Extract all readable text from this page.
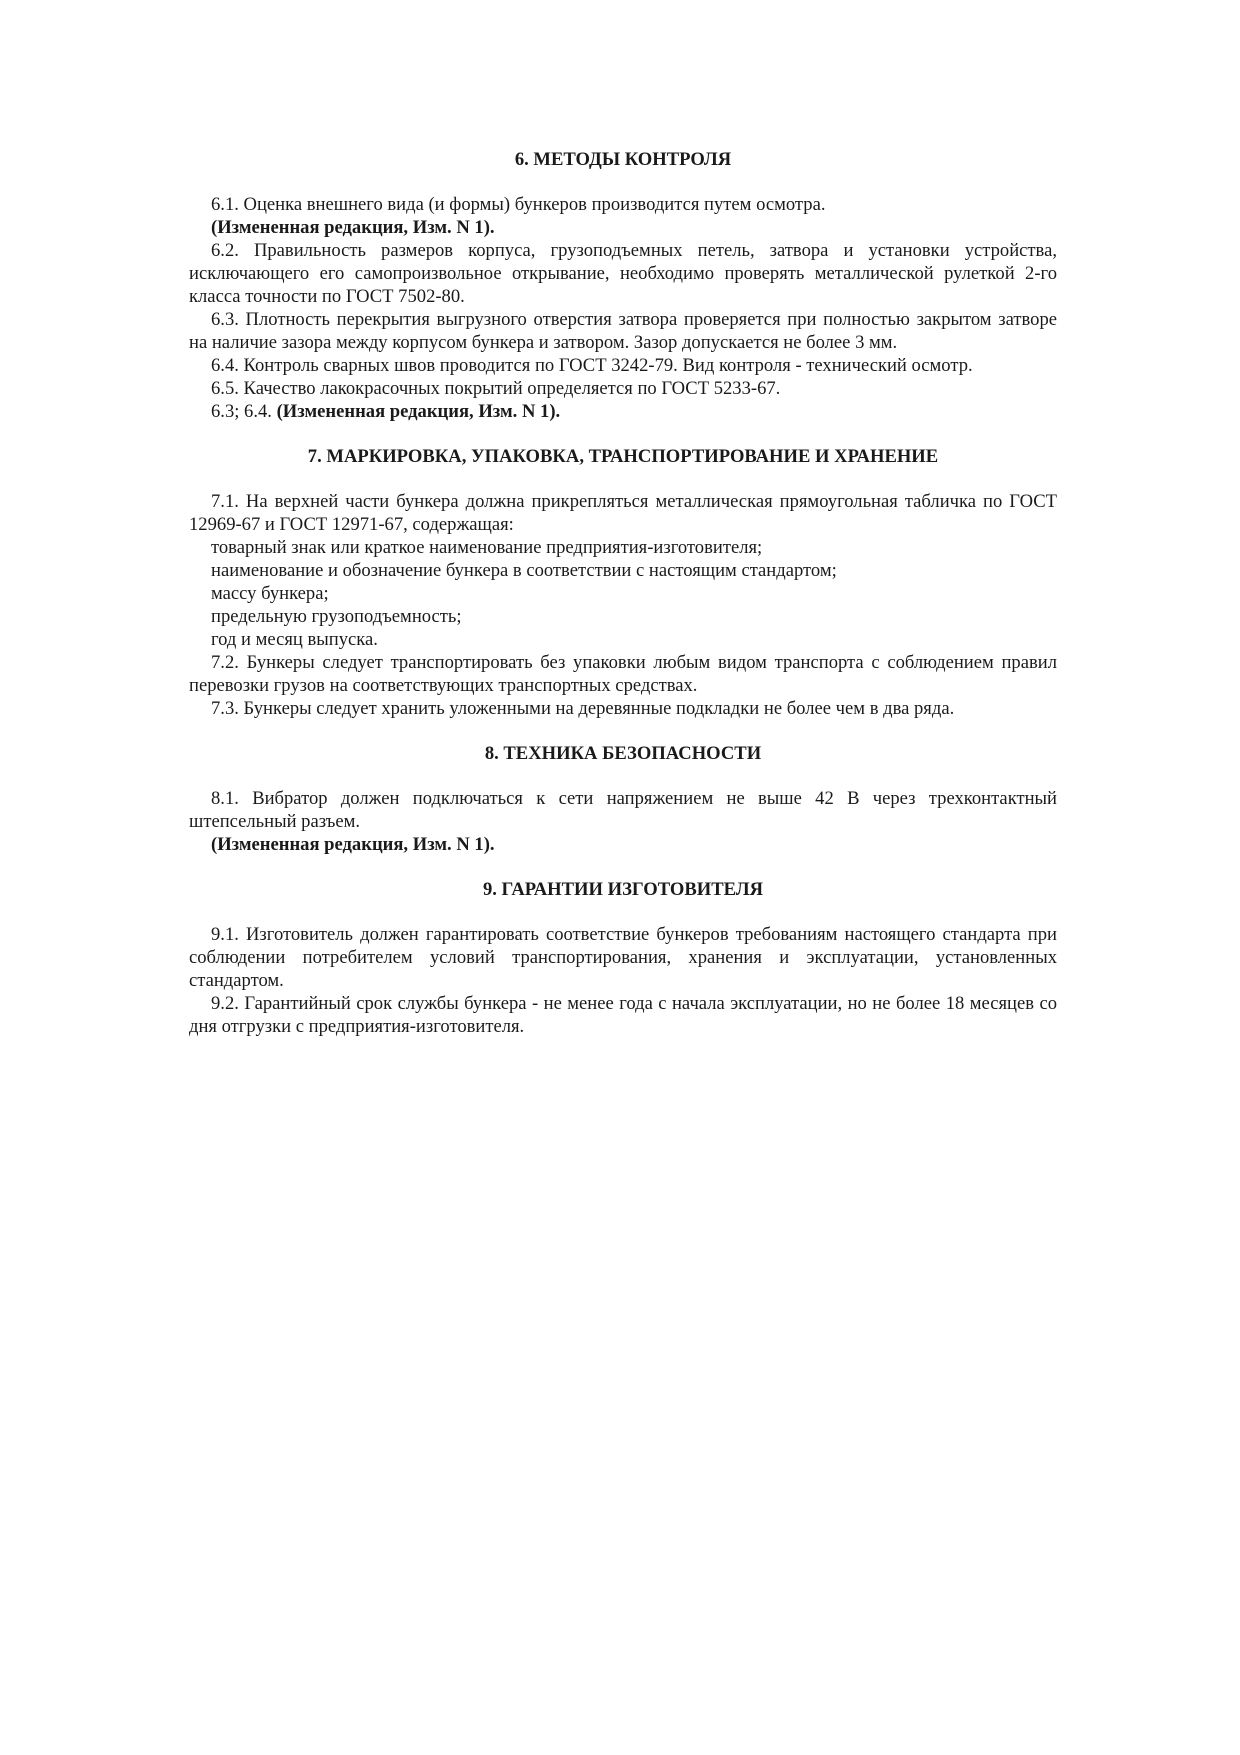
6. МЕТОДЫ КОНТРОЛЯ

6.1. Оценка внешнего вида (и формы) бункеров производится путем осмотра.

(Измененная редакция, Изм. N 1).

6.2. Правильность размеров корпуса, грузоподъемных петель, затвора и установки устройства, исключающего его самопроизвольное открывание, необходимо проверять металлической рулеткой 2-го класса точности по ГОСТ 7502-80.

6.3. Плотность перекрытия выгрузного отверстия затвора проверяется при полностью закрытом затворе на наличие зазора между корпусом бункера и затвором. Зазор допускается не более 3 мм.

6.4. Контроль сварных швов проводится по ГОСТ 3242-79. Вид контроля - технический осмотр.

6.5. Качество лакокрасочных покрытий определяется по ГОСТ 5233-67.

6.3; 6.4. (Измененная редакция, Изм. N 1).

7. МАРКИРОВКА, УПАКОВКА, ТРАНСПОРТИРОВАНИЕ И ХРАНЕНИЕ

7.1. На верхней части бункера должна прикрепляться металлическая прямоугольная табличка по ГОСТ 12969-67 и ГОСТ 12971-67, содержащая:

товарный знак или краткое наименование предприятия-изготовителя;

наименование и обозначение бункера в соответствии с настоящим стандартом;

массу бункера;

предельную грузоподъемность;

год и месяц выпуска.

7.2. Бункеры следует транспортировать без упаковки любым видом транспорта с соблюдением правил перевозки грузов на соответствующих транспортных средствах.

7.3. Бункеры следует хранить уложенными на деревянные подкладки не более чем в два ряда.

8. ТЕХНИКА БЕЗОПАСНОСТИ

8.1. Вибратор должен подключаться к сети напряжением не выше 42 В через трехконтактный штепсельный разъем.

(Измененная редакция, Изм. N 1).

9. ГАРАНТИИ ИЗГОТОВИТЕЛЯ

9.1. Изготовитель должен гарантировать соответствие бункеров требованиям настоящего стандарта при соблюдении потребителем условий транспортирования, хранения и эксплуатации, установленных стандартом.

9.2. Гарантийный срок службы бункера - не менее года с начала эксплуатации, но не более 18 месяцев со дня отгрузки с предприятия-изготовителя.
